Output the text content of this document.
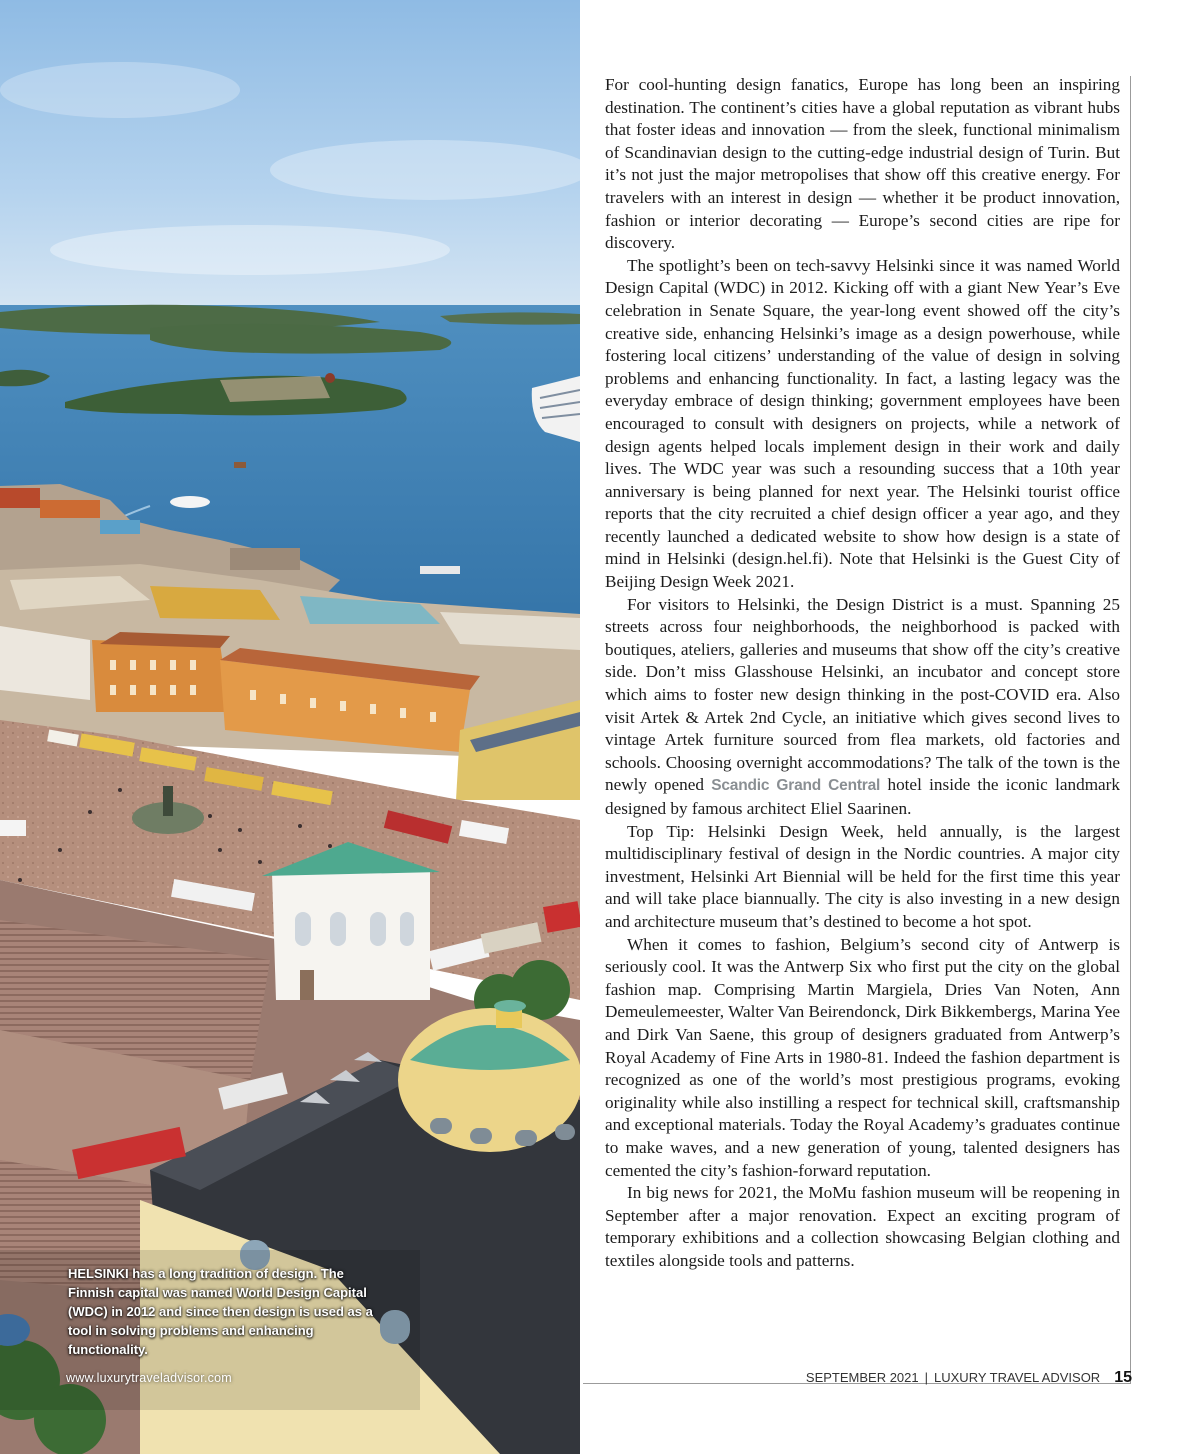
HELSINKI has a long tradition of design. The Finnish capital was named World Design Capital (WDC) in 2012 and since then design is used as a tool in solving problems and enhancing functionality.
www.luxurytraveladvisor.com

For cool-hunting design fanatics, Europe has long been an inspiring destination. The continent’s cities have a global reputation as vibrant hubs that foster ideas and innovation — from the sleek, functional minimalism of Scandinavian design to the cutting-edge industrial design of Turin. But it’s not just the major metropolises that show off this creative energy. For travelers with an interest in design — whether it be product innovation, fashion or interior decorating — Europe’s second cities are ripe for discovery.

The spotlight’s been on tech-savvy Helsinki since it was named World Design Capital (WDC) in 2012. Kicking off with a giant New Year’s Eve celebration in Senate Square, the year-long event showed off the city’s creative side, enhancing Helsinki’s image as a design powerhouse, while fostering local citizens’ understanding of the value of design in solving problems and enhancing functionality. In fact, a lasting legacy was the everyday embrace of design thinking; government employees have been encouraged to consult with designers on projects, while a network of design agents helped locals implement design in their work and daily lives. The WDC year was such a resounding success that a 10th year anniversary is being planned for next year. The Helsinki tourist office reports that the city recruited a chief design officer a year ago, and they recently launched a dedicated website to show how design is a state of mind in Helsinki (design.hel.fi). Note that Helsinki is the Guest City of Beijing Design Week 2021.

For visitors to Helsinki, the Design District is a must. Spanning 25 streets across four neighborhoods, the neighborhood is packed with boutiques, ateliers, galleries and museums that show off the city’s creative side. Don’t miss Glasshouse Helsinki, an incubator and concept store which aims to foster new design thinking in the post-COVID era. Also visit Artek & Artek 2nd Cycle, an initiative which gives second lives to vintage Artek furniture sourced from flea markets, old factories and schools. Choosing overnight accommodations? The talk of the town is the newly opened Scandic Grand Central hotel inside the iconic landmark designed by famous architect Eliel Saarinen.

Top Tip: Helsinki Design Week, held annually, is the largest multidisciplinary festival of design in the Nordic countries. A major city investment, Helsinki Art Biennial will be held for the first time this year and will take place biannually. The city is also investing in a new design and architecture museum that’s destined to become a hot spot.

When it comes to fashion, Belgium’s second city of Antwerp is seriously cool. It was the Antwerp Six who first put the city on the global fashion map. Comprising Martin Margiela, Dries Van Noten, Ann Demeulemeester, Walter Van Beirendonck, Dirk Bikkembergs, Marina Yee and Dirk Van Saene, this group of designers graduated from Antwerp’s Royal Academy of Fine Arts in 1980-81. Indeed the fashion department is recognized as one of the world’s most prestigious programs, evoking originality while also instilling a respect for technical skill, craftsmanship and exceptional materials. Today the Royal Academy’s graduates continue to make waves, and a new generation of young, talented designers has cemented the city’s fashion-forward reputation.

In big news for 2021, the MoMu fashion museum will be reopening in September after a major renovation. Expect an exciting program of temporary exhibitions and a collection showcasing Belgian clothing and textiles alongside tools and patterns.

SEPTEMBER 2021 | LUXURY TRAVEL ADVISOR 15
